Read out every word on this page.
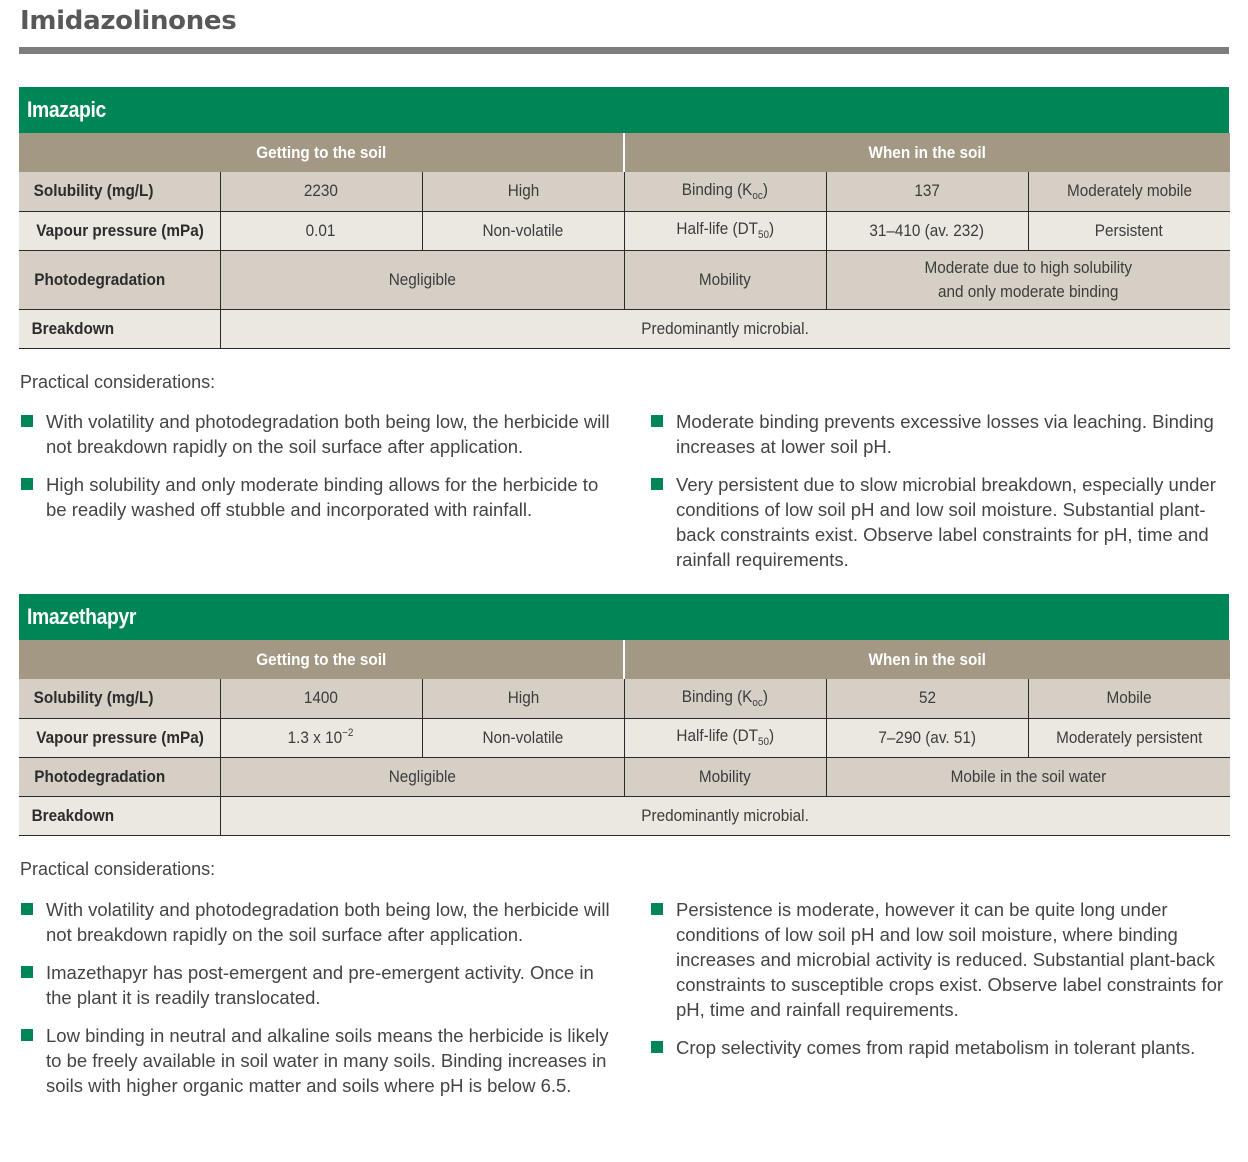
Imidazolinones
Imazapic
Getting to the soil			When in the soil		
Solubility (mg/L)	2230	High	Binding $(K_{oc})$	137	Moderately mobile
Vapour pressure (mPa)	0.01	Non-volatile	Half-life $(DT_{50})$	31–410 (av. 232)	Persistent
Photodegradation	Negligible		Mobility	Moderate due to high solubility
and only moderate binding	
Breakdown	Predominantly microbial.				
Practical considerations:
With volatility and photodegradation both being low, the herbicide will not breakdown rapidly on the soil surface after application.
High solubility and only moderate binding allows for the herbicide to be readily washed off stubble and incorporated with rainfall.
Moderate binding prevents excessive losses via leaching. Binding increases at lower soil pH.
Very persistent due to slow microbial breakdown, especially under conditions of low soil pH and low soil moisture. Substantial plant-back constraints exist. Observe label constraints for pH, time and rainfall requirements.
Imazethapyr
Getting to the soil			When in the soil		
Solubility (mg/L)	1400	High	Binding $(K_{oc})$	52	Mobile
Vapour pressure (mPa)	1.3 x $10^{-2}$	Non-volatile	Half-life $(DT_{50})$	7–290 (av. 51)	Moderately persistent
Photodegradation	Negligible		Mobility	Mobile in the soil water	
Breakdown	Predominantly microbial.				
Practical considerations:
With volatility and photodegradation both being low, the herbicide will not breakdown rapidly on the soil surface after application.
Imazethapyr has post-emergent and pre-emergent activity. Once in the plant it is readily translocated.
Low binding in neutral and alkaline soils means the herbicide is likely to be freely available in soil water in many soils. Binding increases in soils with higher organic matter and soils where pH is below 6.5.
Persistence is moderate, however it can be quite long under conditions of low soil pH and low soil moisture, where binding increases and microbial activity is reduced. Substantial plant-back constraints to susceptible crops exist. Observe label constraints for pH, time and rainfall requirements.
Crop selectivity comes from rapid metabolism in tolerant plants.
